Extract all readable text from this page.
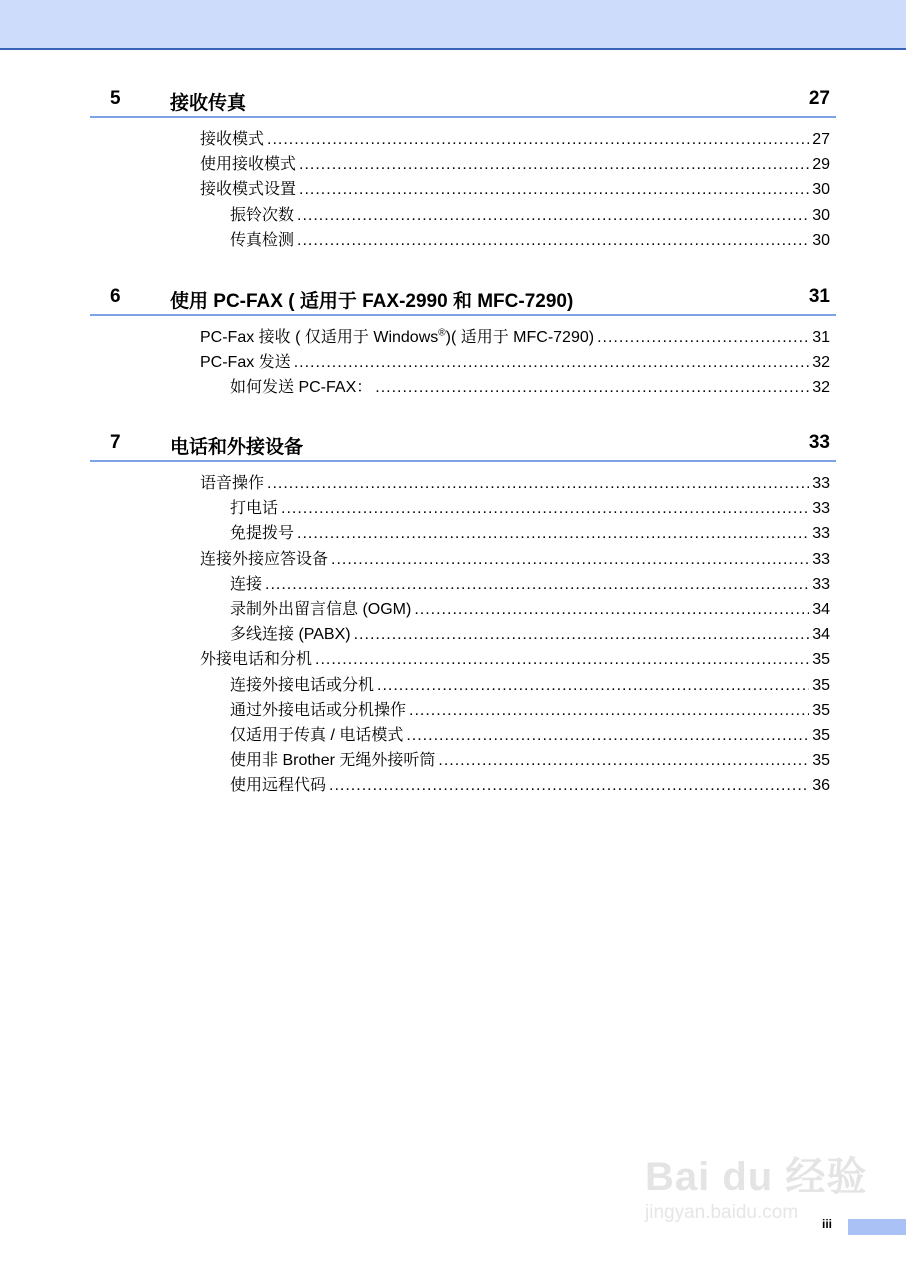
5	接收传真	27
接收模式 .....	27
使用接收模式 .....	29
接收模式设置 .....	30
振铃次数 .....	30
传真检测 .....	30
6	使用 PC-FAX ( 适用于 FAX-2990 和 MFC-7290)	31
PC-Fax 接收 ( 仅适用于 Windows®)( 适用于 MFC-7290) .....	31
PC-Fax 发送 .....	32
如何发送 PC-FAX： .....	32
7	电话和外接设备	33
语音操作 .....	33
打电话 .....	33
免提拨号 .....	33
连接外接应答设备 .....	33
连接 .....	33
录制外出留言信息 (OGM) .....	34
多线连接 (PABX) .....	34
外接电话和分机 .....	35
连接外接电话或分机 .....	35
通过外接电话或分机操作 .....	35
仅适用于传真 / 电话模式 .....	35
使用非 Brother 无绳外接听筒 .....	35
使用远程代码 .....	36
Bai du 经验
jingyan.baidu.com
iii
